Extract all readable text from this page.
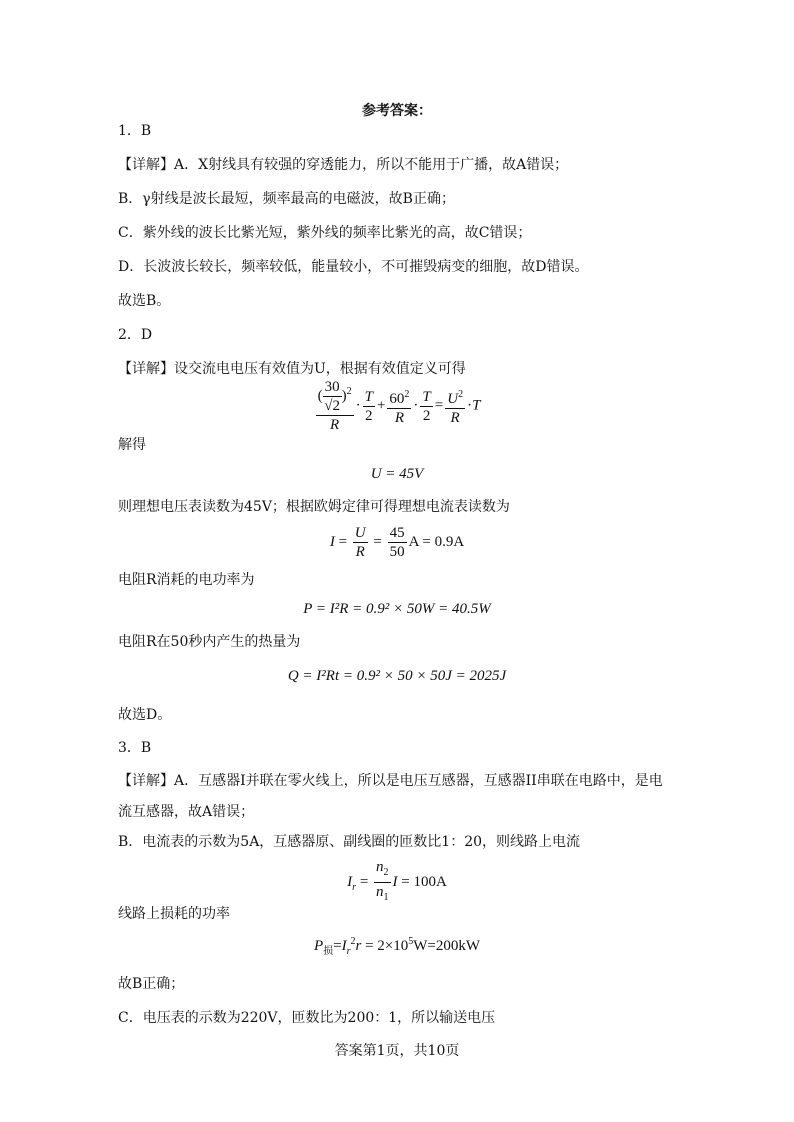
参考答案：
1．B
【详解】A．X射线具有较强的穿透能力，所以不能用于广播，故A错误；
B．γ射线是波长最短，频率最高的电磁波，故B正确；
C．紫外线的波长比紫光短，紫外线的频率比紫光的高，故C错误；
D．长波波长较长，频率较低，能量较小，不可摧毁病变的细胞，故D错误。
故选B。
2．D
【详解】设交流电电压有效值为U，根据有效值定义可得
$\frac{( \frac{30}{√2} )^2}{R} \cdot \frac{T}{2} + \frac{60^2}{R} \cdot \frac{T}{2} = \frac{U^2}{R} \cdot T$
解得
U = 45V
则理想电压表读数为45V；根据欧姆定律可得理想电流表读数为
$I = \frac{U}{R} = \frac{45}{50}$ A = 0.9A
电阻R消耗的电功率为
P = I²R = 0.9² × 50W = 40.5W
电阻R在50秒内产生的热量为
Q = I²Rt = 0.9² × 50 × 50J = 2025J
故选D。
3．B
【详解】A．互感器I并联在零火线上，所以是电压互感器，互感器II串联在电路中，是电
流互感器，故A错误；
B．电流表的示数为5A，互感器原、副线圈的匝数比1：20，则线路上电流
$I_r = \frac{n_2}{n_1}$ I = 100A
线路上损耗的功率
$P_损=I_r^2r = 2\times 10^5W=200kW$
故B正确；
C．电压表的示数为220V，匝数比为200：1，所以输送电压
答案第1页，共10页
